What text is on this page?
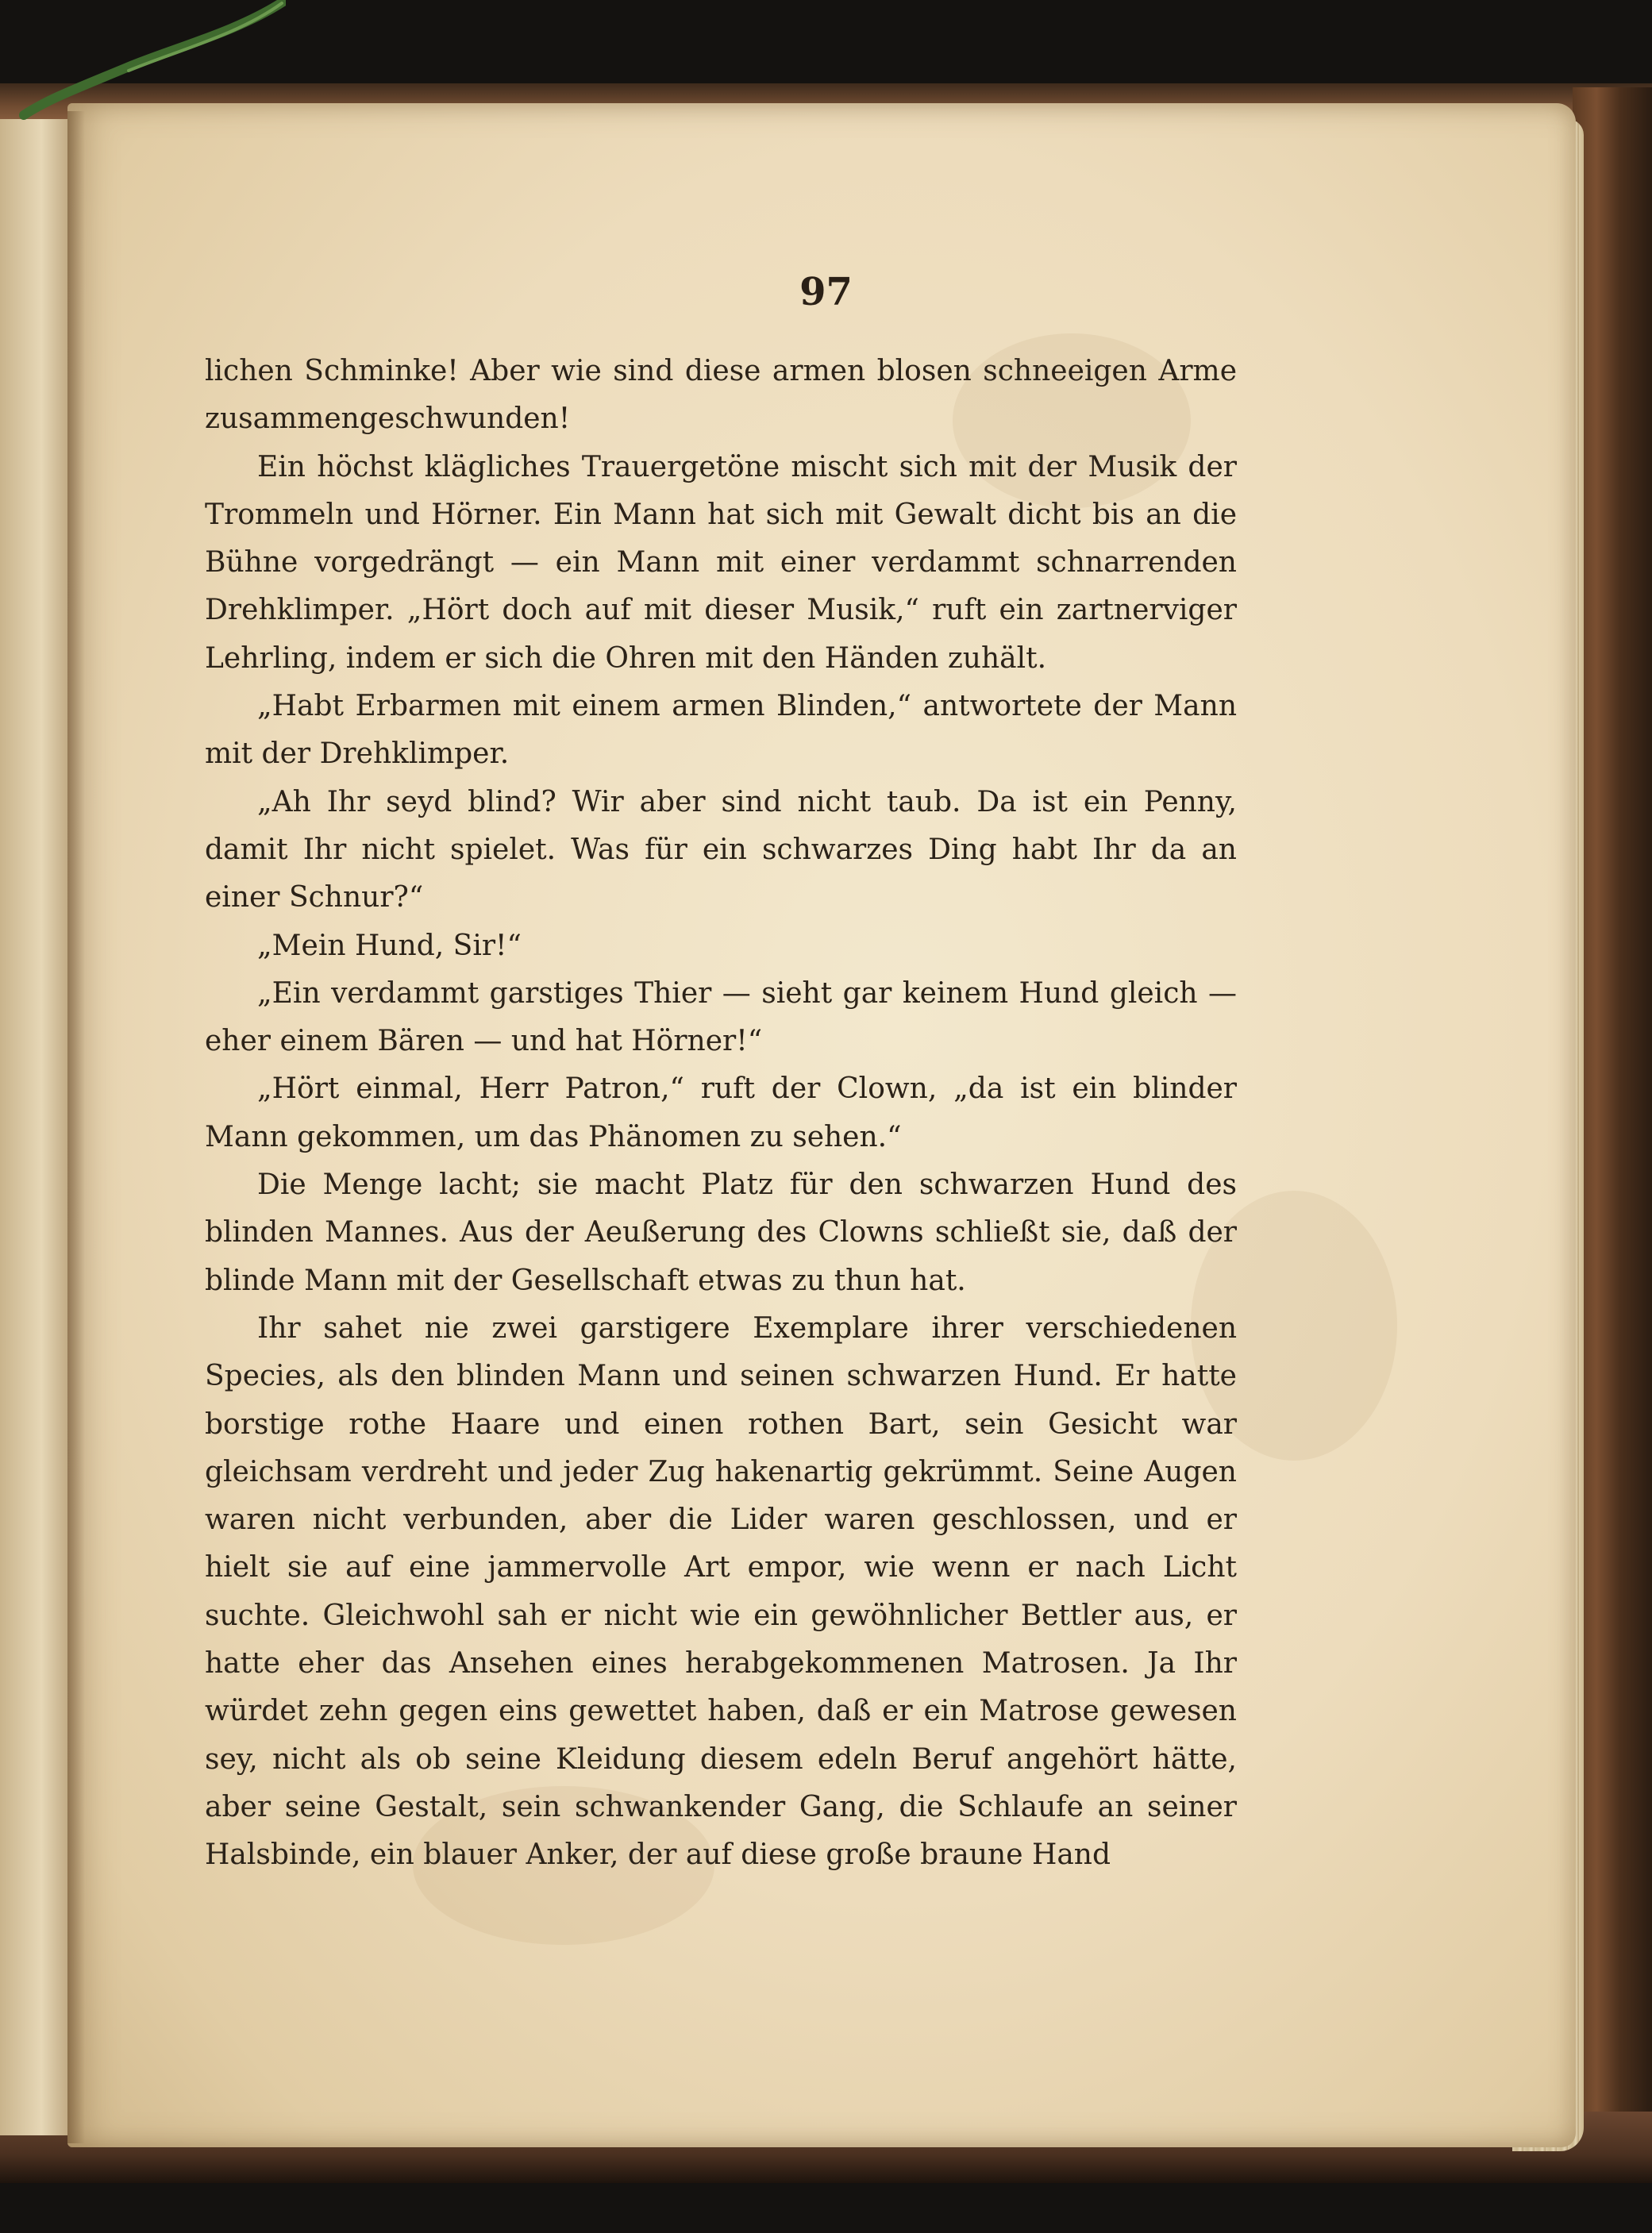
97

lichen Schminke! Aber wie sind diese armen blosen schneeigen Arme zusammengeschwunden!

Ein höchst klägliches Trauergetöne mischt sich mit der Musik der Trommeln und Hörner. Ein Mann hat sich mit Gewalt dicht bis an die Bühne vorgedrängt — ein Mann mit einer verdammt schnarrenden Drehklimper. „Hört doch auf mit dieser Musik,“ ruft ein zartnerviger Lehrling, indem er sich die Ohren mit den Händen zuhält.

„Habt Erbarmen mit einem armen Blinden,“ antwortete der Mann mit der Drehklimper.

„Ah Ihr seyd blind? Wir aber sind nicht taub. Da ist ein Penny, damit Ihr nicht spielet. Was für ein schwarzes Ding habt Ihr da an einer Schnur?“

„Mein Hund, Sir!“

„Ein verdammt garstiges Thier — sieht gar keinem Hund gleich — eher einem Bären — und hat Hörner!“

„Hört einmal, Herr Patron,“ ruft der Clown, „da ist ein blinder Mann gekommen, um das Phänomen zu sehen.“

Die Menge lacht; sie macht Platz für den schwarzen Hund des blinden Mannes. Aus der Aeußerung des Clowns schließt sie, daß der blinde Mann mit der Gesellschaft etwas zu thun hat.

Ihr sahet nie zwei garstigere Exemplare ihrer verschiedenen Species, als den blinden Mann und seinen schwarzen Hund. Er hatte borstige rothe Haare und einen rothen Bart, sein Gesicht war gleichsam verdreht und jeder Zug hakenartig gekrümmt. Seine Augen waren nicht verbunden, aber die Lider waren geschlossen, und er hielt sie auf eine jammervolle Art empor, wie wenn er nach Licht suchte. Gleichwohl sah er nicht wie ein gewöhnlicher Bettler aus, er hatte eher das Ansehen eines herabgekommenen Matrosen. Ja Ihr würdet zehn gegen eins gewettet haben, daß er ein Matrose gewesen sey, nicht als ob seine Kleidung diesem edeln Beruf angehört hätte, aber seine Gestalt, sein schwankender Gang, die Schlaufe an seiner Halsbinde, ein blauer Anker, der auf diese große braune Hand
